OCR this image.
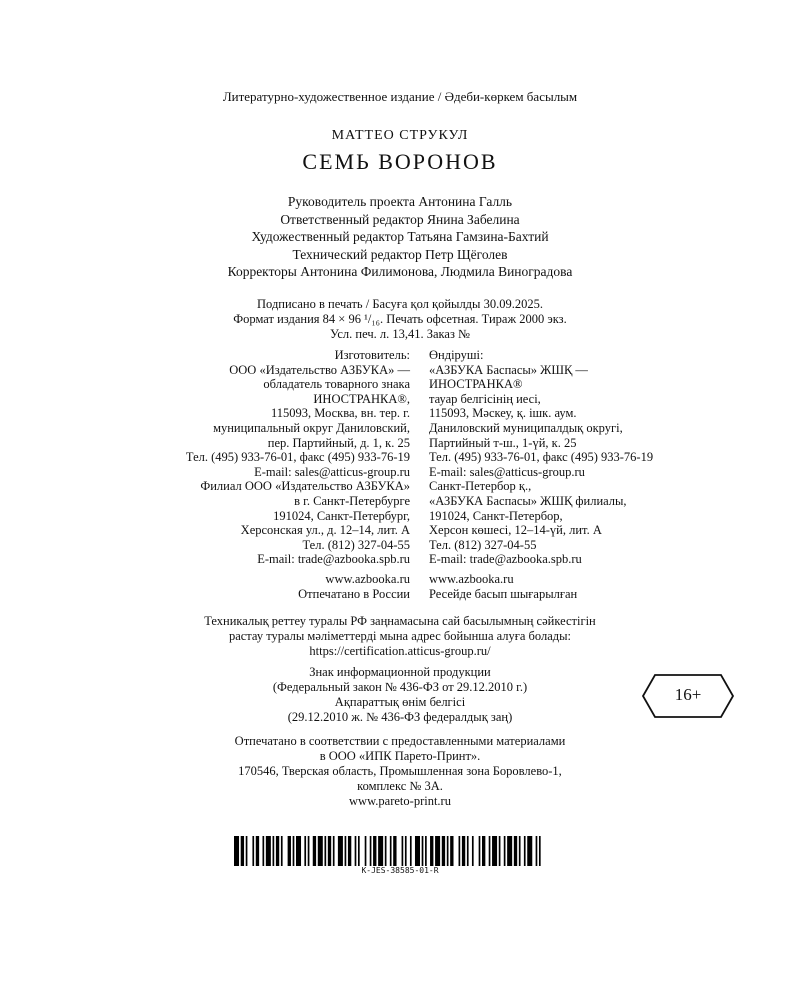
Литературно-художественное издание / Әдеби-көркем басылым
МАТТЕО СТРУКУЛ
СЕМЬ ВОРОНОВ
Руководитель проекта Антонина Галль
Ответственный редактор Янина Забелина
Художественный редактор Татьяна Гамзина-Бахтий
Технический редактор Петр Щёголев
Корректоры Антонина Филимонова, Людмила Виноградова
Подписано в печать / Басуға қол қойылды 30.09.2025.
Формат издания 84 × 96 ¹/₁₆. Печать офсетная. Тираж 2000 экз.
Усл. печ. л. 13,41. Заказ №
Изготовитель:
ООО «Издательство АЗБУКА» —
обладатель товарного знака
ИНОСТРАНКА®,
115093, Москва, вн. тер. г.
муниципальный округ Даниловский,
пер. Партийный, д. 1, к. 25
Тел. (495) 933-76-01, факс (495) 933-76-19
E-mail: sales@atticus-group.ru
Филиал ООО «Издательство АЗБУКА»
в г. Санкт-Петербурге
191024, Санкт-Петербург,
Херсонская ул., д. 12–14, лит. А
Тел. (812) 327-04-55
E-mail: trade@azbooka.spb.ru
www.azbooka.ru
Отпечатано в России
Өндіруші:
«АЗБУКА Баспасы» ЖШҚ —
ИНОСТРАНКА®
тауар белгісінің иесі,
115093, Мәскеу, қ. ішк. аум.
Даниловский муниципалдық округі,
Партийный т-ш., 1-үй, к. 25
Тел. (495) 933-76-01, факс (495) 933-76-19
E-mail: sales@atticus-group.ru
Санкт-Петербор қ.,
«АЗБУКА Баспасы» ЖШҚ филиалы,
191024, Санкт-Петербор,
Херсон көшесі, 12–14-үй, лит. А
Тел. (812) 327-04-55
E-mail: trade@azbooka.spb.ru
www.azbooka.ru
Ресейде басып шығарылған
Техникалық реттеу туралы РФ заңнамасына сай басылымның сәйкестігін
растау туралы мәліметтерді мына адрес бойынша алуға болады:
https://certification.atticus-group.ru/
Знак информационной продукции
(Федеральный закон № 436-ФЗ от 29.12.2010 г.)
Ақпараттық өнім белгісі
(29.12.2010 ж. № 436-ФЗ федералдық заң)
16+
Отпечатано в соответствии с предоставленными материалами
в ООО «ИПК Парето-Принт».
170546, Тверская область, Промышленная зона Боровлево-1,
комплекс № 3А.
www.pareto-print.ru
К-ЈЕЅ-38585-01-R
